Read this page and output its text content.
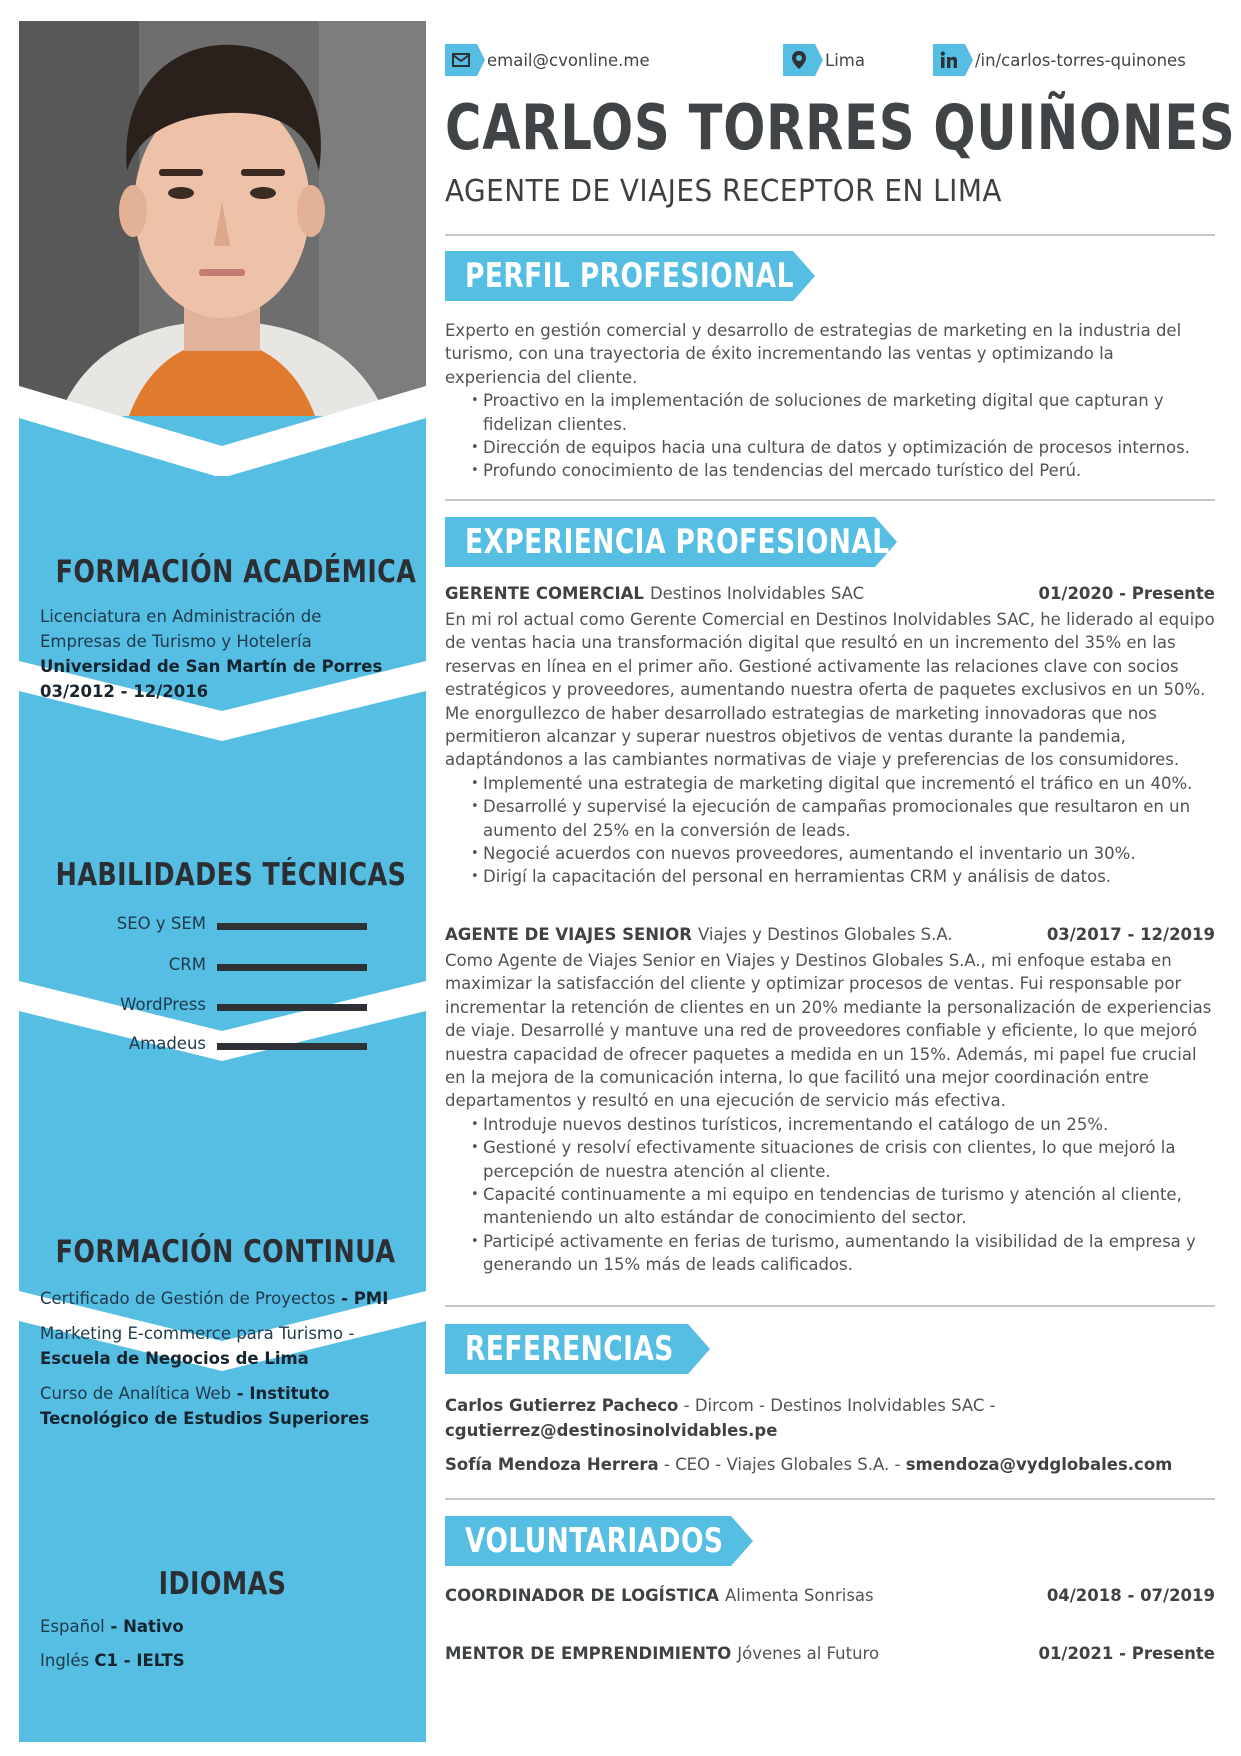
FORMACIÓN ACADÉMICA
Licenciatura en Administración de Empresas de Turismo y Hotelería
Universidad de San Martín de Porres
03/2012 - 12/2016
HABILIDADES TÉCNICAS
SEO y SEM
CRM
WordPress
Amadeus
FORMACIÓN CONTINUA
Certificado de Gestión de Proyectos - PMI
Marketing E-commerce para Turismo - Escuela de Negocios de Lima
Curso de Analítica Web - Instituto Tecnológico de Estudios Superiores
IDIOMAS
Español - Nativo
Inglés C1 - IELTS
email@cvonline.me	Lima	/in/carlos-torres-quinones
CARLOS TORRES QUIÑONES
AGENTE DE VIAJES RECEPTOR EN LIMA
PERFIL PROFESIONAL
Experto en gestión comercial y desarrollo de estrategias de marketing en la industria del turismo, con una trayectoria de éxito incrementando las ventas y optimizando la experiencia del cliente.
• Proactivo en la implementación de soluciones de marketing digital que capturan y fidelizan clientes.
• Dirección de equipos hacia una cultura de datos y optimización de procesos internos.
• Profundo conocimiento de las tendencias del mercado turístico del Perú.
EXPERIENCIA PROFESIONAL
GERENTE COMERCIAL Destinos Inolvidables SAC	01/2020 - Presente
En mi rol actual como Gerente Comercial en Destinos Inolvidables SAC, he liderado al equipo de ventas hacia una transformación digital que resultó en un incremento del 35% en las reservas en línea en el primer año. Gestioné activamente las relaciones clave con socios estratégicos y proveedores, aumentando nuestra oferta de paquetes exclusivos en un 50%. Me enorgullezco de haber desarrollado estrategias de marketing innovadoras que nos permitieron alcanzar y superar nuestros objetivos de ventas durante la pandemia, adaptándonos a las cambiantes normativas de viaje y preferencias de los consumidores.
• Implementé una estrategia de marketing digital que incrementó el tráfico en un 40%.
• Desarrollé y supervisé la ejecución de campañas promocionales que resultaron en un aumento del 25% en la conversión de leads.
• Negocié acuerdos con nuevos proveedores, aumentando el inventario un 30%.
• Dirigí la capacitación del personal en herramientas CRM y análisis de datos.
AGENTE DE VIAJES SENIOR Viajes y Destinos Globales S.A.	03/2017 - 12/2019
Como Agente de Viajes Senior en Viajes y Destinos Globales S.A., mi enfoque estaba en maximizar la satisfacción del cliente y optimizar procesos de ventas. Fui responsable por incrementar la retención de clientes en un 20% mediante la personalización de experiencias de viaje. Desarrollé y mantuve una red de proveedores confiable y eficiente, lo que mejoró nuestra capacidad de ofrecer paquetes a medida en un 15%. Además, mi papel fue crucial en la mejora de la comunicación interna, lo que facilitó una mejor coordinación entre departamentos y resultó en una ejecución de servicio más efectiva.
• Introduje nuevos destinos turísticos, incrementando el catálogo de un 25%.
• Gestioné y resolví efectivamente situaciones de crisis con clientes, lo que mejoró la percepción de nuestra atención al cliente.
• Capacité continuamente a mi equipo en tendencias de turismo y atención al cliente, manteniendo un alto estándar de conocimiento del sector.
• Participé activamente en ferias de turismo, aumentando la visibilidad de la empresa y generando un 15% más de leads calificados.
REFERENCIAS
Carlos Gutierrez Pacheco - Dircom - Destinos Inolvidables SAC - cgutierrez@destinosinolvidables.pe
Sofía Mendoza Herrera - CEO - Viajes Globales S.A. - smendoza@vydglobales.com
VOLUNTARIADOS
COORDINADOR DE LOGÍSTICA Alimenta Sonrisas	04/2018 - 07/2019
MENTOR DE EMPRENDIMIENTO Jóvenes al Futuro	01/2021 - Presente
